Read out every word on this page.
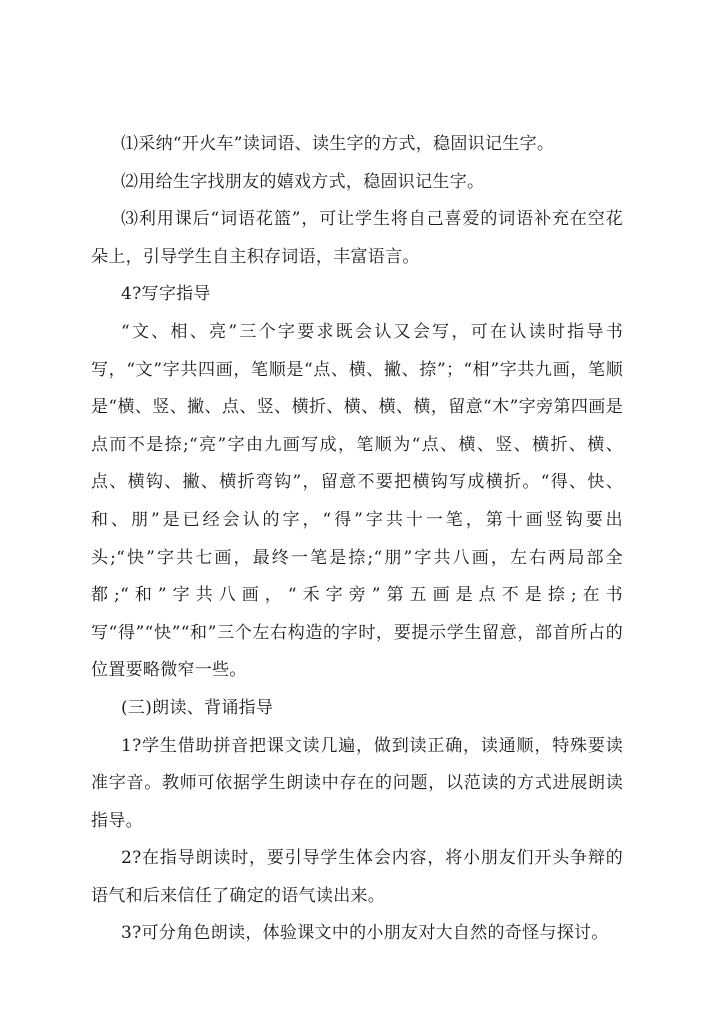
⑴采纳“开火车”读词语、读生字的方式，稳固识记生字。

⑵用给生字找朋友的嬉戏方式，稳固识记生字。

⑶利用课后“词语花篮”，可让学生将自己喜爱的词语补充在空花朵上，引导学生自主积存词语，丰富语言。

4?写字指导

“文、相、亮”三个字要求既会认又会写，可在认读时指导书写，“文”字共四画，笔顺是“点、横、撇、捺”；“相”字共九画，笔顺是“横、竖、撇、点、竖、横折、横、横、横，留意“木”字旁第四画是点而不是捺;“亮”字由九画写成，笔顺为“点、横、竖、横折、横、点、横钩、撇、横折弯钩”，留意不要把横钩写成横折。“得、快、和、朋”是已经会认的字，“得”字共十一笔，第十画竖钩要出头;“快”字共七画，最终一笔是捺;“朋”字共八画，左右两局部全都;“和”字共八画，“禾字旁”第五画是点不是捺;在书写“得”“快”“和”三个左右构造的字时，要提示学生留意，部首所占的位置要略微窄一些。

(三)朗读、背诵指导

1?学生借助拼音把课文读几遍，做到读正确，读通顺，特殊要读准字音。教师可依据学生朗读中存在的问题，以范读的方式进展朗读指导。

2?在指导朗读时，要引导学生体会内容，将小朋友们开头争辩的语气和后来信任了确定的语气读出来。

3?可分角色朗读，体验课文中的小朋友对大自然的奇怪与探讨。
